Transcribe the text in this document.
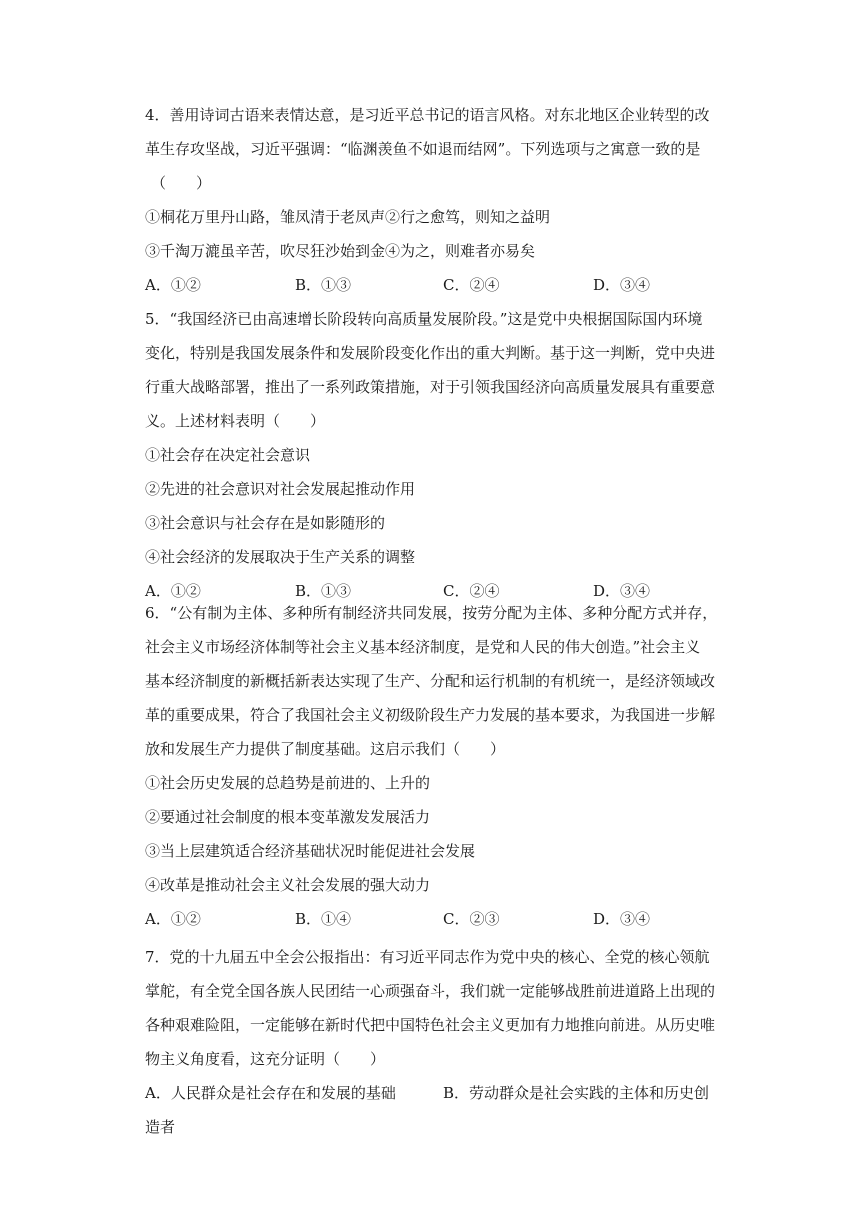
4．善用诗词古语来表情达意，是习近平总书记的语言风格。对东北地区企业转型的改

革生存攻坚战，习近平强调：“临渊羡鱼不如退而结网”。下列选项与之寓意一致的是

（　　）

①桐花万里丹山路，雏凤清于老凤声②行之愈笃，则知之益明

③千淘万漉虽辛苦，吹尽狂沙始到金④为之，则难者亦易矣

A．①②	B．①③	C．②④	D．③④

5．“我国经济已由高速增长阶段转向高质量发展阶段。”这是党中央根据国际国内环境

变化，特别是我国发展条件和发展阶段变化作出的重大判断。基于这一判断，党中央进

行重大战略部署，推出了一系列政策措施，对于引领我国经济向高质量发展具有重要意

义。上述材料表明（　　）

①社会存在决定社会意识

②先进的社会意识对社会发展起推动作用

③社会意识与社会存在是如影随形的

④社会经济的发展取决于生产关系的调整

A．①②	B．①③	C．②④	D．③④

6．“公有制为主体、多种所有制经济共同发展，按劳分配为主体、多种分配方式并存，

社会主义市场经济体制等社会主义基本经济制度，是党和人民的伟大创造。”社会主义

基本经济制度的新概括新表达实现了生产、分配和运行机制的有机统一，是经济领域改

革的重要成果，符合了我国社会主义初级阶段生产力发展的基本要求，为我国进一步解

放和发展生产力提供了制度基础。这启示我们（　　）

①社会历史发展的总趋势是前进的、上升的

②要通过社会制度的根本变革激发发展活力

③当上层建筑适合经济基础状况时能促进社会发展

④改革是推动社会主义社会发展的强大动力

A．①②	B．①④	C．②③	D．③④

7．党的十九届五中全会公报指出：有习近平同志作为党中央的核心、全党的核心领航

掌舵，有全党全国各族人民团结一心顽强奋斗，我们就一定能够战胜前进道路上出现的

各种艰难险阻，一定能够在新时代把中国特色社会主义更加有力地推向前进。从历史唯

物主义角度看，这充分证明（　　）

A．人民群众是社会存在和发展的基础	B．劳动群众是社会实践的主体和历史创

造者
